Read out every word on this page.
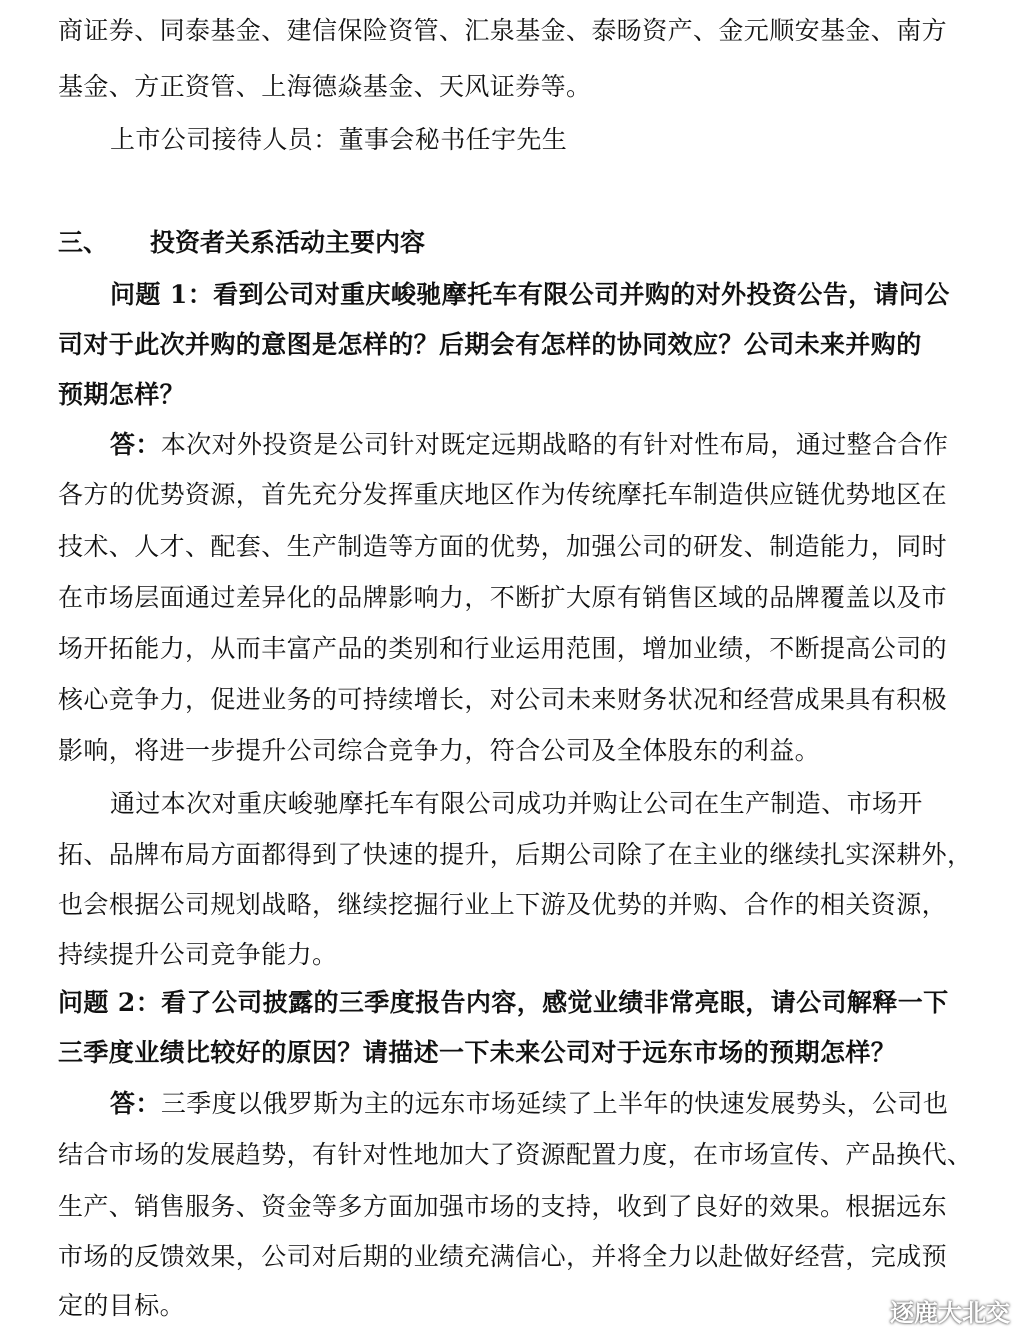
商证券、同泰基金、建信保险资管、汇泉基金、泰旸资产、金元顺安基金、南方
基金、方正资管、上海德焱基金、天风证券等。
上市公司接待人员：董事会秘书任宇先生
三、 投资者关系活动主要内容
问题 1：看到公司对重庆峻驰摩托车有限公司并购的对外投资公告，请问公
司对于此次并购的意图是怎样的？后期会有怎样的协同效应？公司未来并购的
预期怎样？
答：本次对外投资是公司针对既定远期战略的有针对性布局，通过整合合作
各方的优势资源，首先充分发挥重庆地区作为传统摩托车制造供应链优势地区在
技术、人才、配套、生产制造等方面的优势，加强公司的研发、制造能力，同时
在市场层面通过差异化的品牌影响力，不断扩大原有销售区域的品牌覆盖以及市
场开拓能力，从而丰富产品的类别和行业运用范围，增加业绩，不断提高公司的
核心竞争力，促进业务的可持续增长，对公司未来财务状况和经营成果具有积极
影响，将进一步提升公司综合竞争力，符合公司及全体股东的利益。
通过本次对重庆峻驰摩托车有限公司成功并购让公司在生产制造、市场开
拓、品牌布局方面都得到了快速的提升，后期公司除了在主业的继续扎实深耕外，
也会根据公司规划战略，继续挖掘行业上下游及优势的并购、合作的相关资源，
持续提升公司竞争能力。
问题 2：看了公司披露的三季度报告内容，感觉业绩非常亮眼，请公司解释一下
三季度业绩比较好的原因？请描述一下未来公司对于远东市场的预期怎样？
答：三季度以俄罗斯为主的远东市场延续了上半年的快速发展势头，公司也
结合市场的发展趋势，有针对性地加大了资源配置力度，在市场宣传、产品换代、
生产、销售服务、资金等多方面加强市场的支持，收到了良好的效果。根据远东
市场的反馈效果，公司对后期的业绩充满信心，并将全力以赴做好经营，完成预
定的目标。	逐鹿大北交
